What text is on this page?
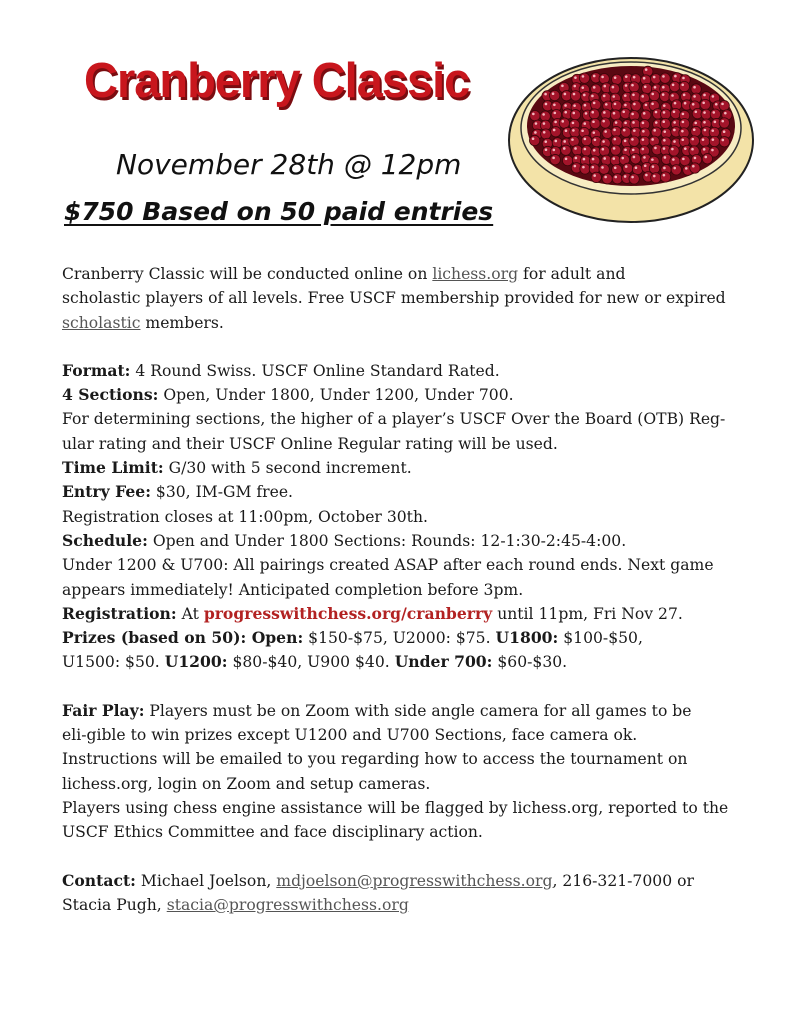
Cranberry Classic
November 28th @ 12pm
$750 Based on 50 paid entries

Cranberry Classic will be conducted online on lichess.org for adult and

scholastic players of all levels. Free USCF membership provided for new or expired

scholastic members.

Format: 4 Round Swiss. USCF Online Standard Rated.

4 Sections: Open, Under 1800, Under 1200, Under 700.

For determining sections, the higher of a player’s USCF Over the Board (OTB) Reg-

ular rating and their USCF Online Regular rating will be used.

Time Limit: G/30 with 5 second increment.

Entry Fee: $30, IM-GM free.

Registration closes at 11:00pm, October 30th.

Schedule: Open and Under 1800 Sections: Rounds: 12-1:30-2:45-4:00.

Under 1200 & U700: All pairings created ASAP after each round ends. Next game

appears immediately! Anticipated completion before 3pm.

Registration: At progresswithchess.org/cranberry until 11pm, Fri Nov 27.

Prizes (based on 50): Open: $150-$75, U2000: $75. U1800: $100-$50,

U1500: $50. U1200: $80-$40, U900 $40. Under 700: $60-$30.

Fair Play: Players must be on Zoom with side angle camera for all games to be

eli-gible to win prizes except U1200 and U700 Sections, face camera ok.

Instructions will be emailed to you regarding how to access the tournament on

lichess.org, login on Zoom and setup cameras.

Players using chess engine assistance will be flagged by lichess.org, reported to the

USCF Ethics Committee and face disciplinary action.

Contact: Michael Joelson, mdjoelson@progresswithchess.org, 216-321-7000 or

Stacia Pugh, stacia@progresswithchess.org
